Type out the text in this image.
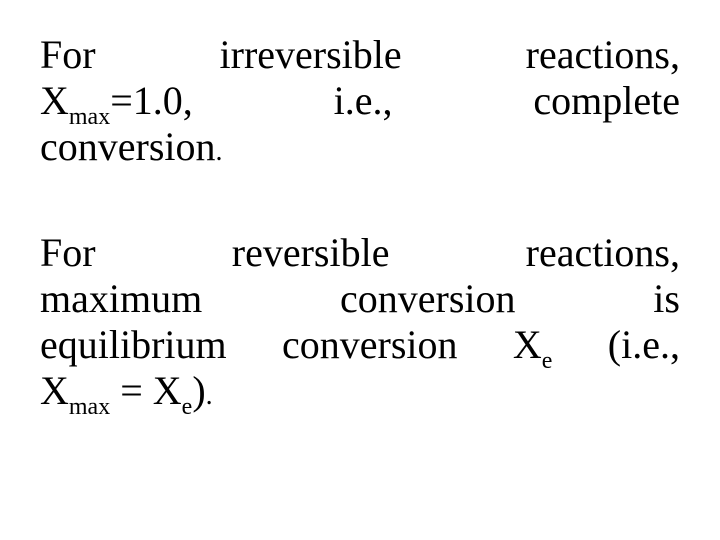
For	irreversible	reactions,
$X_{max}=1.0$,	i.e.,	complete
conversion.
For	reversible	reactions,
maximum	conversion	is
equilibrium conversion $X_e$ (i.e.,
$X_{max} = X_e$).
